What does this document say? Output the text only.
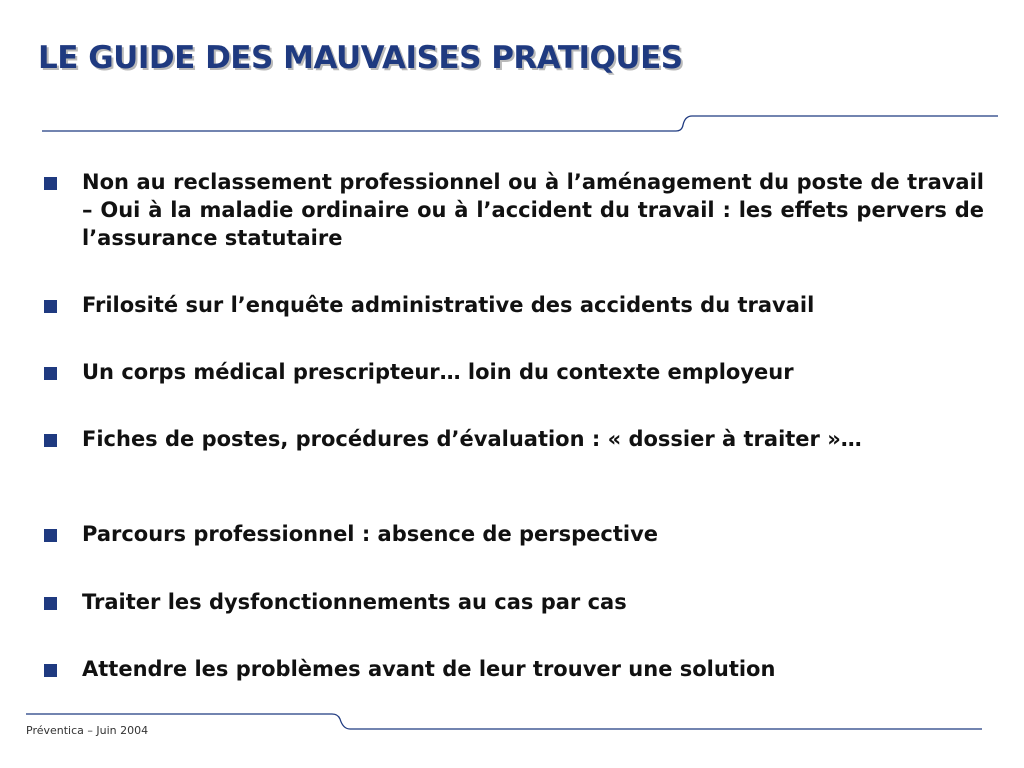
LE GUIDE DES MAUVAISES PRATIQUES
Non au reclassement professionnel ou à l’aménagement du poste de travail – Oui à la maladie ordinaire ou à l’accident du travail : les effets pervers de l’assurance statutaire
Frilosité sur l’enquête administrative des accidents du travail
Un corps médical prescripteur… loin du contexte employeur
Fiches de postes, procédures d’évaluation : « dossier à traiter »…
Parcours professionnel : absence de perspective
Traiter les dysfonctionnements au cas par cas
Attendre les problèmes avant de leur trouver une solution
Préventica – Juin 2004
